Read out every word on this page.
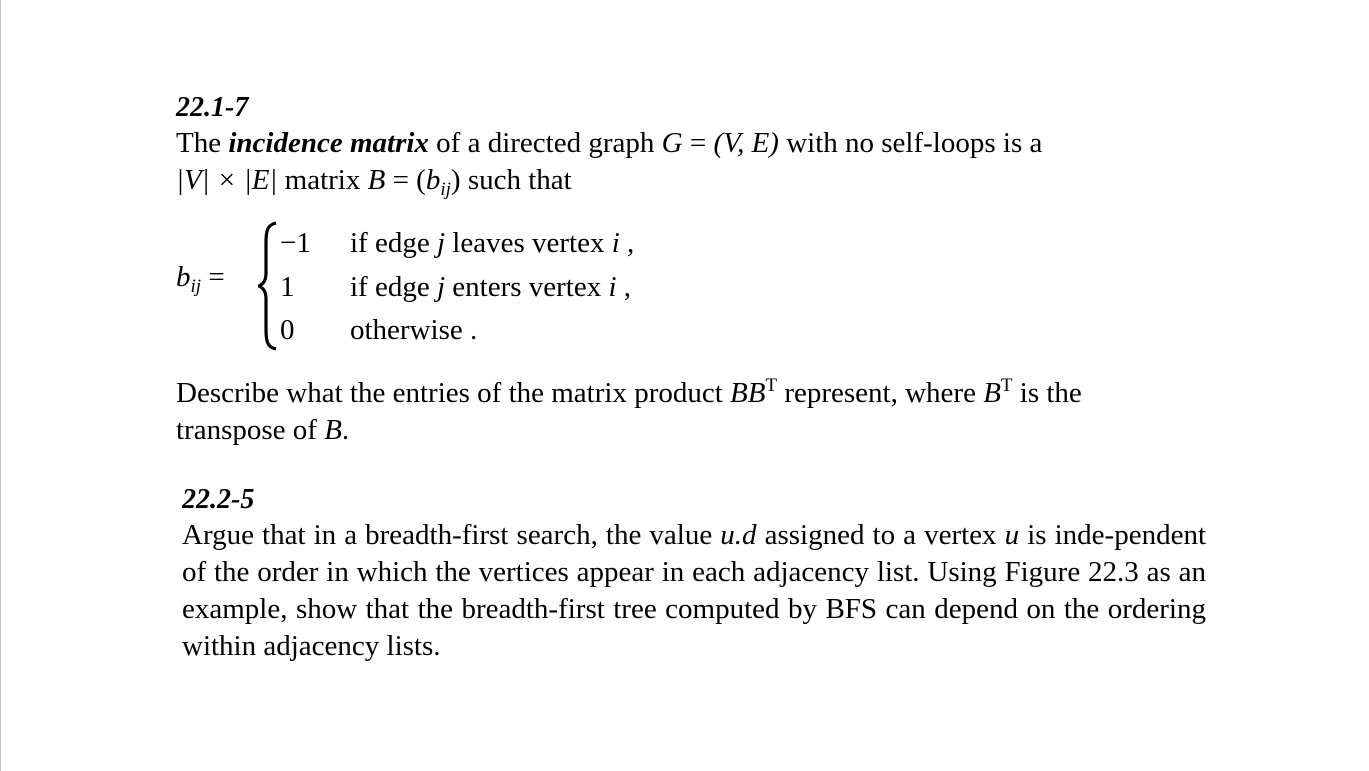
22.1-7

The incidence matrix of a directed graph G = (V, E) with no self-loops is a
|V| × |E| matrix $B = (b_{ij})$ such that

$b_{ij}$ =
−1	if edge j leaves vertex i ,
1	if edge j enters vertex i ,
0	otherwise .

Describe what the entries of the matrix product $BB^T$ represent, where $B^T$ is the
transpose of B.

22.2-5

Argue that in a breadth-first search, the value u.d assigned to a vertex u is inde-pendent of the order in which the vertices appear in each adjacency list. Using Figure 22.3 as an example, show that the breadth-first tree computed by BFS can depend on the ordering within adjacency lists.
